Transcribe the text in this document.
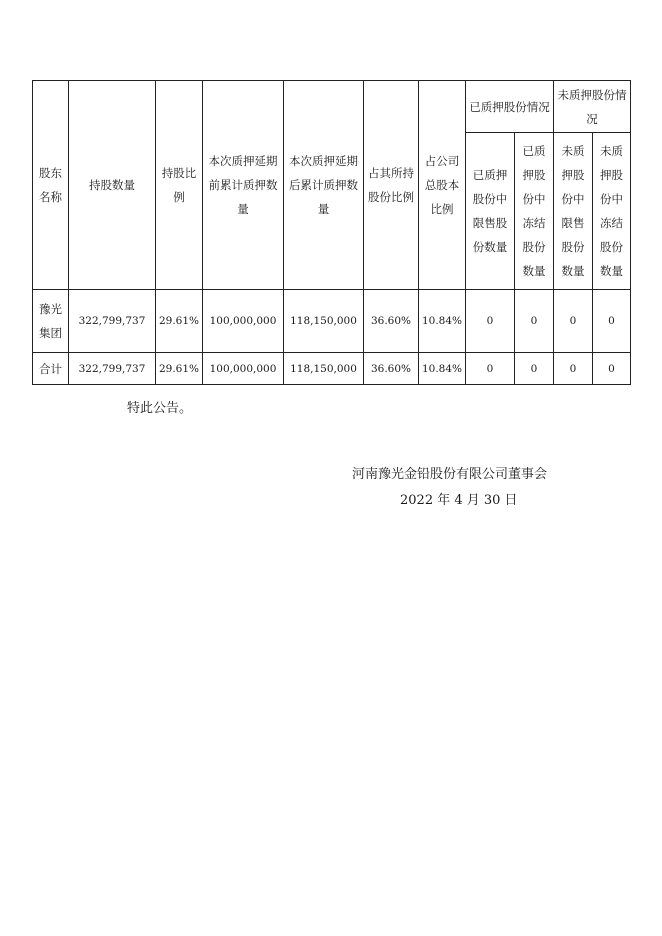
股东名称	持股数量	持股比例	本次质押延期前累计质押数量	本次质押延期后累计质押数量	占其所持股份比例	占公司总股本比例	已质押股份情况		未质押股份情况	
							已质押股份中限售股份数量	已质押股份中冻结股份数量	未质押股份中限售股份数量	未质押股份中冻结股份数量
豫光集团	322,799,737	29.61%	100,000,000	118,150,000	36.60%	10.84%	0	0	0	0
合计	322,799,737	29.61%	100,000,000	118,150,000	36.60%	10.84%	0	0	0	0
特此公告。
河南豫光金铅股份有限公司董事会
2022 年 4 月 30 日
